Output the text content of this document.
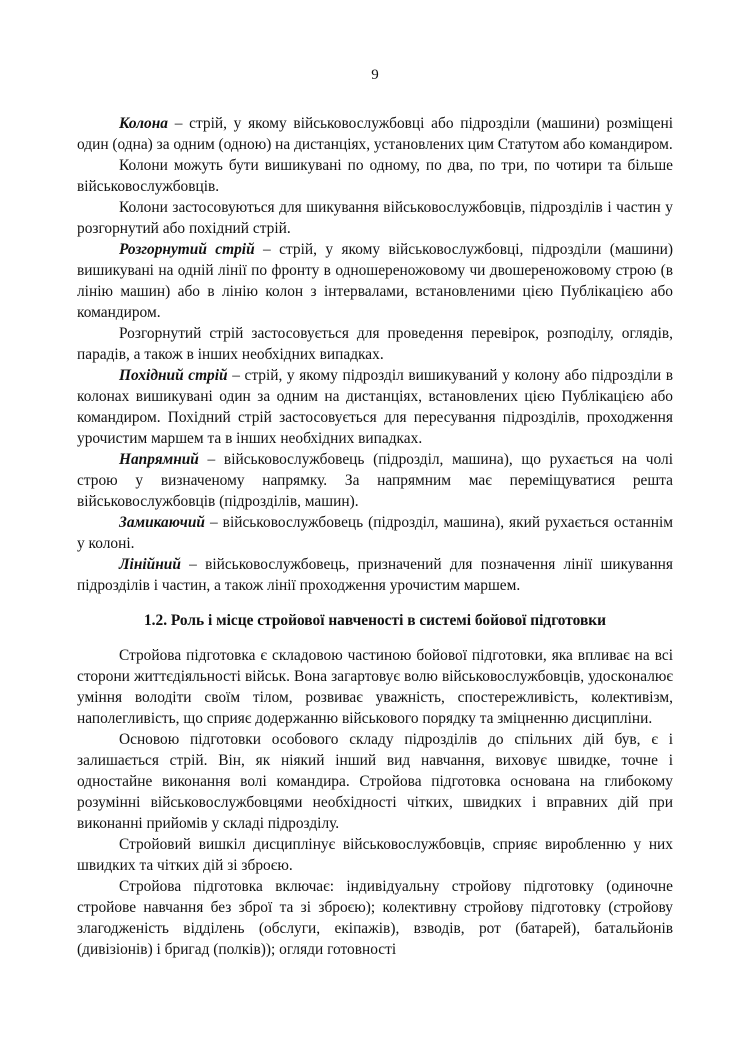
9

Колона – стрій, у якому військовослужбовці або підрозділи (машини) розміщені один (одна) за одним (одною) на дистанціях, установлених цим Статутом або командиром.

Колони можуть бути вишикувані по одному, по два, по три, по чотири та більше військовослужбовців.

Колони застосовуються для шикування військовослужбовців, підрозділів і частин у розгорнутий або похідний стрій.

Розгорнутий стрій – стрій, у якому військовослужбовці, підрозділи (машини) вишикувані на одній лінії по фронту в одношереножовому чи двошереножовому строю (в лінію машин) або в лінію колон з інтервалами, встановленими цією Публікацією або командиром.

Розгорнутий стрій застосовується для проведення перевірок, розподілу, оглядів, парадів, а також в інших необхідних випадках.

Похідний стрій – стрій, у якому підрозділ вишикуваний у колону або підрозділи в колонах вишикувані один за одним на дистанціях, встановлених цією Публікацією або командиром. Похідний стрій застосовується для пересування підрозділів, проходження урочистим маршем та в інших необхідних випадках.

Напрямний – військовослужбовець (підрозділ, машина), що рухається на чолі строю у визначеному напрямку. За напрямним має переміщуватися решта військовослужбовців (підрозділів, машин).

Замикаючий – військовослужбовець (підрозділ, машина), який рухається останнім у колоні.

Лінійний – військовослужбовець, призначений для позначення лінії шикування підрозділів і частин, а також лінії проходження урочистим маршем.

1.2. Роль і місце стройової навченості в системі бойової підготовки

Стройова підготовка є складовою частиною бойової підготовки, яка впливає на всі сторони життєдіяльності військ. Вона загартовує волю військовослужбовців, удосконалює уміння володіти своїм тілом, розвиває уважність, спостережливість, колективізм, наполегливість, що сприяє додержанню військового порядку та зміцненню дисципліни.

Основою підготовки особового складу підрозділів до спільних дій був, є і залишається стрій. Він, як ніякий інший вид навчання, виховує швидке, точне і одностайне виконання волі командира. Стройова підготовка основана на глибокому розумінні військовослужбовцями необхідності чітких, швидких і вправних дій при виконанні прийомів у складі підрозділу.

Стройовий вишкіл дисциплінує військовослужбовців, сприяє виробленню у них швидких та чітких дій зі зброєю.

Стройова підготовка включає: індивідуальну стройову підготовку (одиночне стройове навчання без зброї та зі зброєю); колективну стройову підготовку (стройову злагодженість відділень (обслуги, екіпажів), взводів, рот (батарей), батальйонів (дивізіонів) і бригад (полків)); огляди готовності
